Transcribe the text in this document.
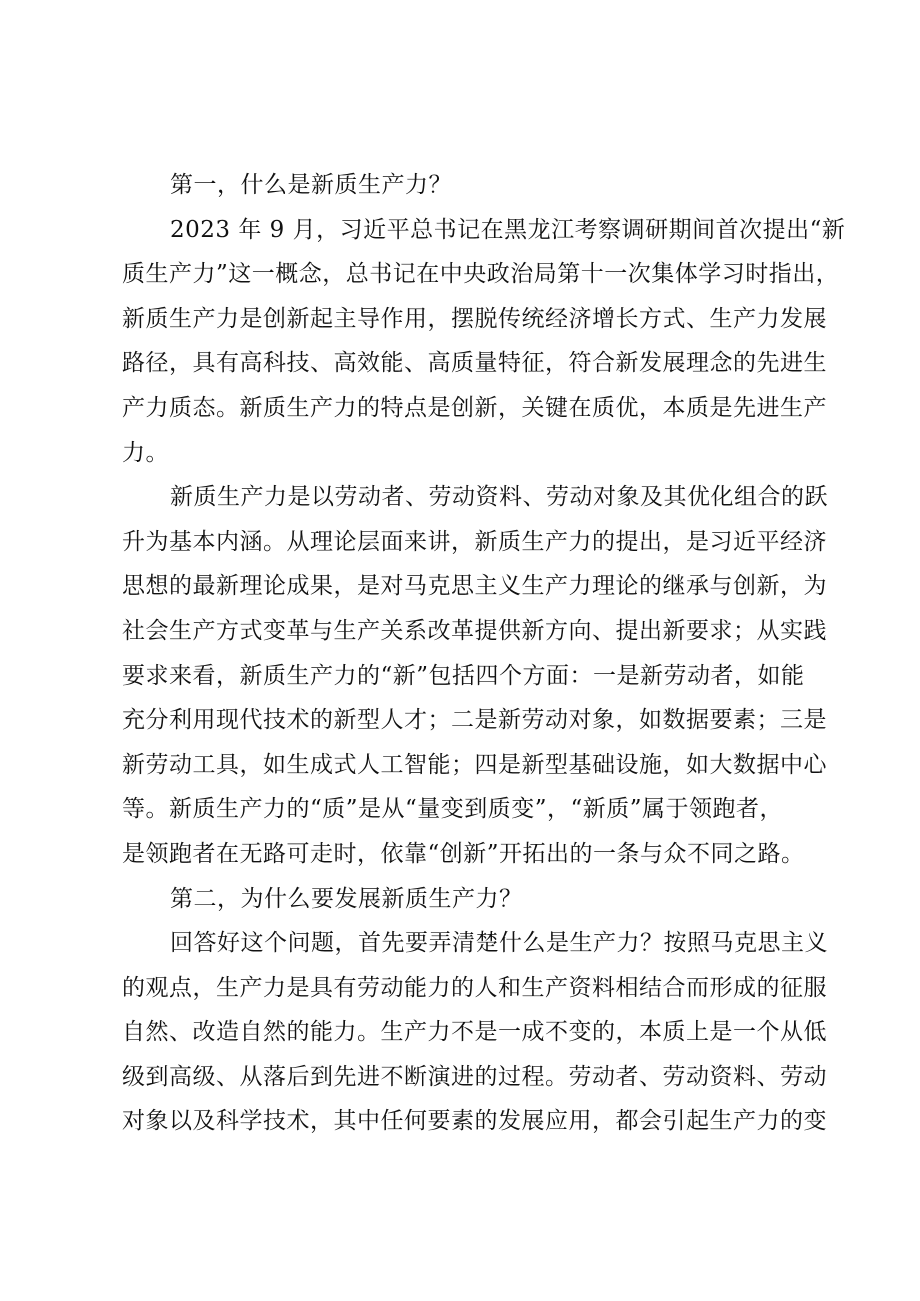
第一，什么是新质生产力？
2023 年 9 月，习近平总书记在黑龙江考察调研期间首次提出“新
质生产力”这一概念，总书记在中央政治局第十一次集体学习时指出，
新质生产力是创新起主导作用，摆脱传统经济增长方式、生产力发展
路径，具有高科技、高效能、高质量特征，符合新发展理念的先进生
产力质态。新质生产力的特点是创新，关键在质优，本质是先进生产
力。
新质生产力是以劳动者、劳动资料、劳动对象及其优化组合的跃
升为基本内涵。从理论层面来讲，新质生产力的提出，是习近平经济
思想的最新理论成果，是对马克思主义生产力理论的继承与创新，为
社会生产方式变革与生产关系改革提供新方向、提出新要求；从实践
要求来看，新质生产力的“新”包括四个方面：一是新劳动者，如能
充分利用现代技术的新型人才；二是新劳动对象，如数据要素；三是
新劳动工具，如生成式人工智能；四是新型基础设施，如大数据中心
等。新质生产力的“质”是从“量变到质变”，“新质”属于领跑者，
是领跑者在无路可走时，依靠“创新”开拓出的一条与众不同之路。
第二，为什么要发展新质生产力？
回答好这个问题，首先要弄清楚什么是生产力？按照马克思主义
的观点，生产力是具有劳动能力的人和生产资料相结合而形成的征服
自然、改造自然的能力。生产力不是一成不变的，本质上是一个从低
级到高级、从落后到先进不断演进的过程。劳动者、劳动资料、劳动
对象以及科学技术，其中任何要素的发展应用，都会引起生产力的变
